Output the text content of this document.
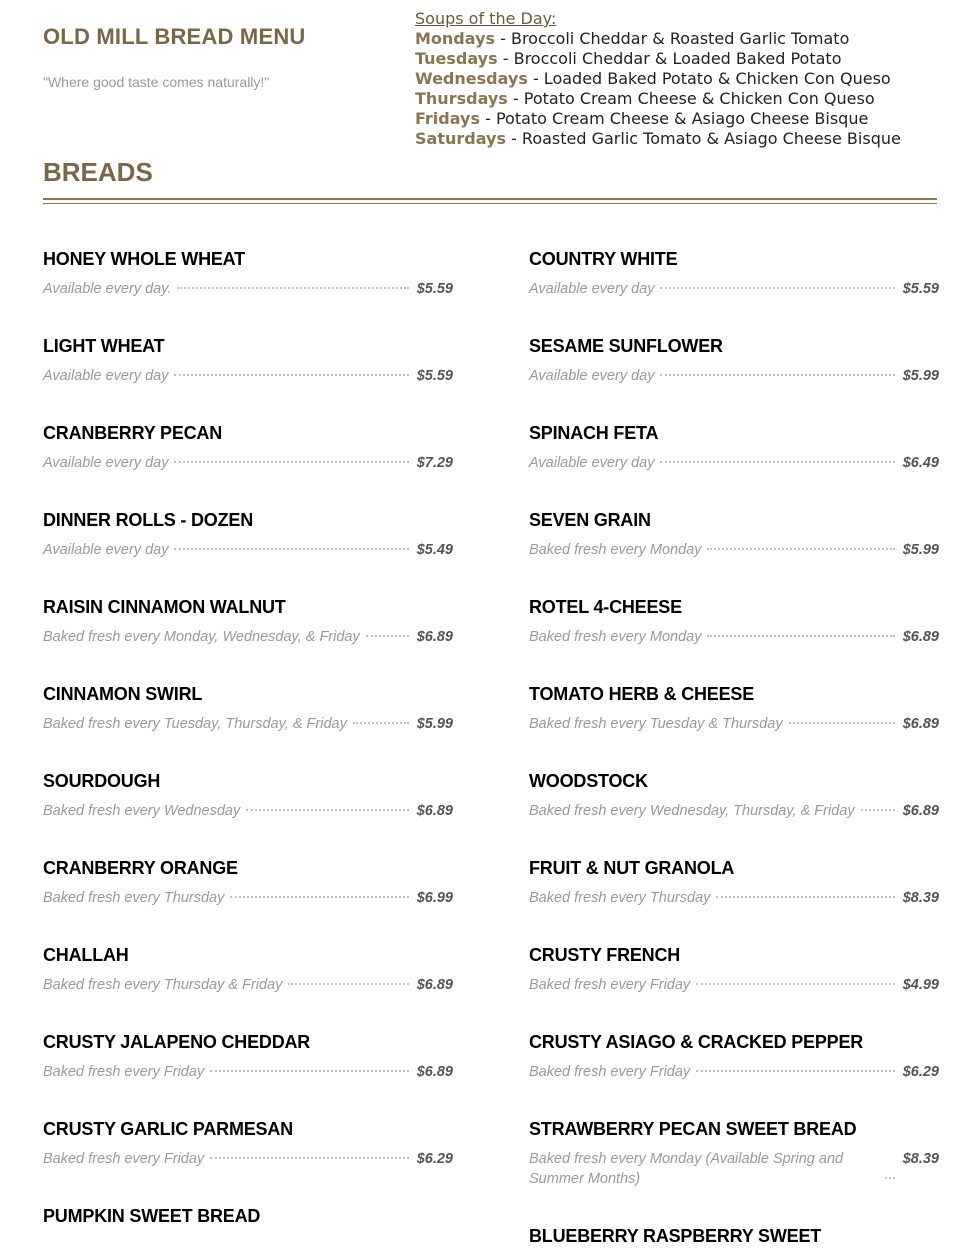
OLD MILL BREAD MENU
"Where good taste comes naturally!"
Soups of the Day:
Mondays - Broccoli Cheddar & Roasted Garlic Tomato
Tuesdays - Broccoli Cheddar & Loaded Baked Potato
Wednesdays - Loaded Baked Potato & Chicken Con Queso
Thursdays - Potato Cream Cheese & Chicken Con Queso
Fridays - Potato Cream Cheese & Asiago Cheese Bisque
Saturdays - Roasted Garlic Tomato & Asiago Cheese Bisque
BREADS
HONEY WHOLE WHEAT
Available every day.	$5.59
LIGHT WHEAT
Available every day	$5.59
CRANBERRY PECAN
Available every day	$7.29
DINNER ROLLS - DOZEN
Available every day	$5.49
RAISIN CINNAMON WALNUT
Baked fresh every Monday, Wednesday, & Friday	$6.89
CINNAMON SWIRL
Baked fresh every Tuesday, Thursday, & Friday	$5.99
SOURDOUGH
Baked fresh every Wednesday	$6.89
CRANBERRY ORANGE
Baked fresh every Thursday	$6.99
CHALLAH
Baked fresh every Thursday & Friday	$6.89
CRUSTY JALAPENO CHEDDAR
Baked fresh every Friday	$6.89
CRUSTY GARLIC PARMESAN
Baked fresh every Friday	$6.29
PUMPKIN SWEET BREAD
COUNTRY WHITE
Available every day	$5.59
SESAME SUNFLOWER
Available every day	$5.99
SPINACH FETA
Available every day	$6.49
SEVEN GRAIN
Baked fresh every Monday	$5.99
ROTEL 4-CHEESE
Baked fresh every Monday	$6.89
TOMATO HERB & CHEESE
Baked fresh every Tuesday & Thursday	$6.89
WOODSTOCK
Baked fresh every Wednesday, Thursday, & Friday	$6.89
FRUIT & NUT GRANOLA
Baked fresh every Thursday	$8.39
CRUSTY FRENCH
Baked fresh every Friday	$4.99
CRUSTY ASIAGO & CRACKED PEPPER
Baked fresh every Friday	$6.29
STRAWBERRY PECAN SWEET BREAD
Baked fresh every Monday (Available Spring and Summer Months)
$8.39
BLUEBERRY RASPBERRY SWEET
